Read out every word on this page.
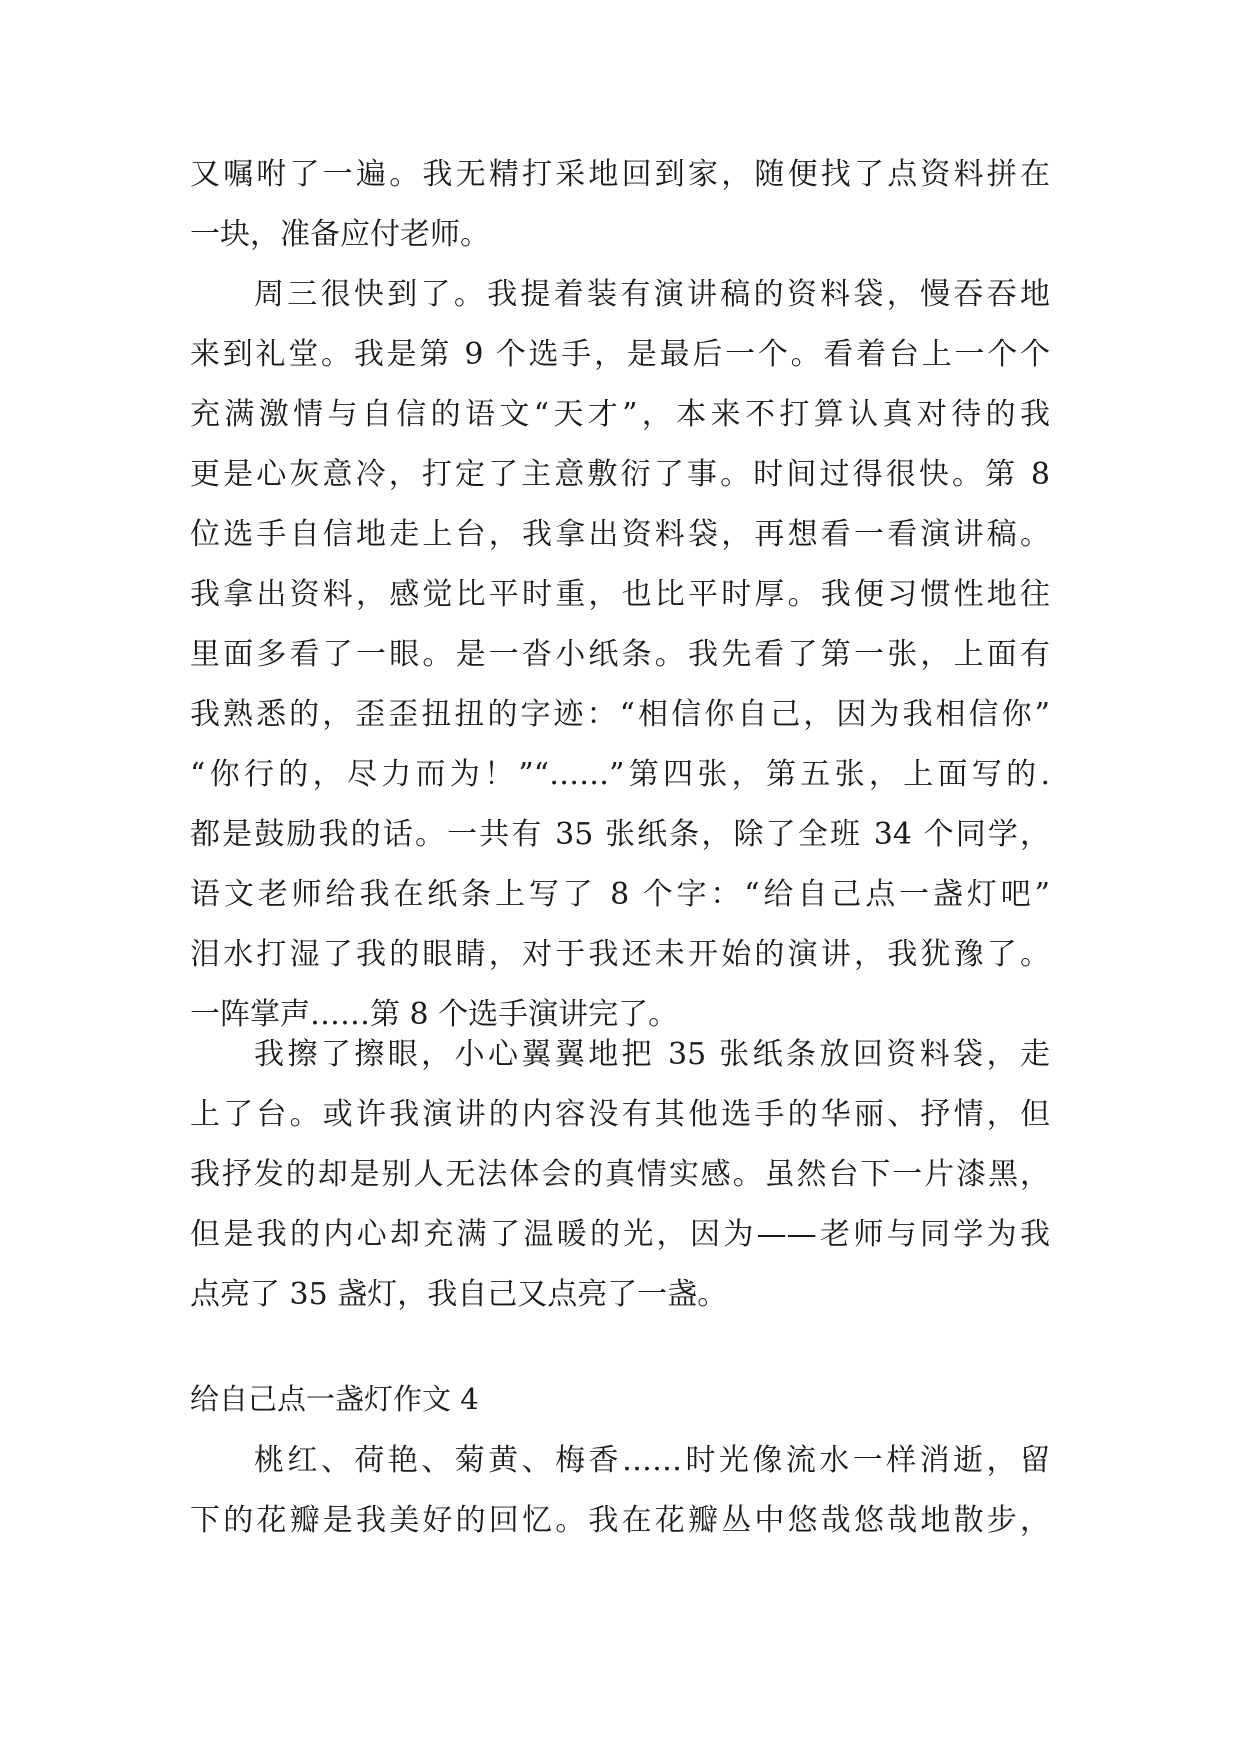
又嘱咐了一遍。我无精打采地回到家，随便找了点资料拼在
一块，准备应付老师。
周三很快到了。我提着装有演讲稿的资料袋，慢吞吞地
来到礼堂。我是第 9 个选手，是最后一个。看着台上一个个
充满激情与自信的语文“天才”，本来不打算认真对待的我
更是心灰意冷，打定了主意敷衍了事。时间过得很快。第 8
位选手自信地走上台，我拿出资料袋，再想看一看演讲稿。
我拿出资料，感觉比平时重，也比平时厚。我便习惯性地往
里面多看了一眼。是一沓小纸条。我先看了第一张，上面有
我熟悉的，歪歪扭扭的字迹：“相信你自己，因为我相信你”
“你行的，尽力而为！”“……”第四张，第五张，上面写的.
都是鼓励我的话。一共有 35 张纸条，除了全班 34 个同学，
语文老师给我在纸条上写了 8 个字：“给自己点一盏灯吧”
泪水打湿了我的眼睛，对于我还未开始的演讲，我犹豫了。
一阵掌声……第 8 个选手演讲完了。
我擦了擦眼，小心翼翼地把 35 张纸条放回资料袋，走
上了台。或许我演讲的内容没有其他选手的华丽、抒情，但
我抒发的却是别人无法体会的真情实感。虽然台下一片漆黑，
但是我的内心却充满了温暖的光，因为——老师与同学为我
点亮了 35 盏灯，我自己又点亮了一盏。
给自己点一盏灯作文 4
桃红、荷艳、菊黄、梅香……时光像流水一样消逝，留
下的花瓣是我美好的回忆。我在花瓣丛中悠哉悠哉地散步，
